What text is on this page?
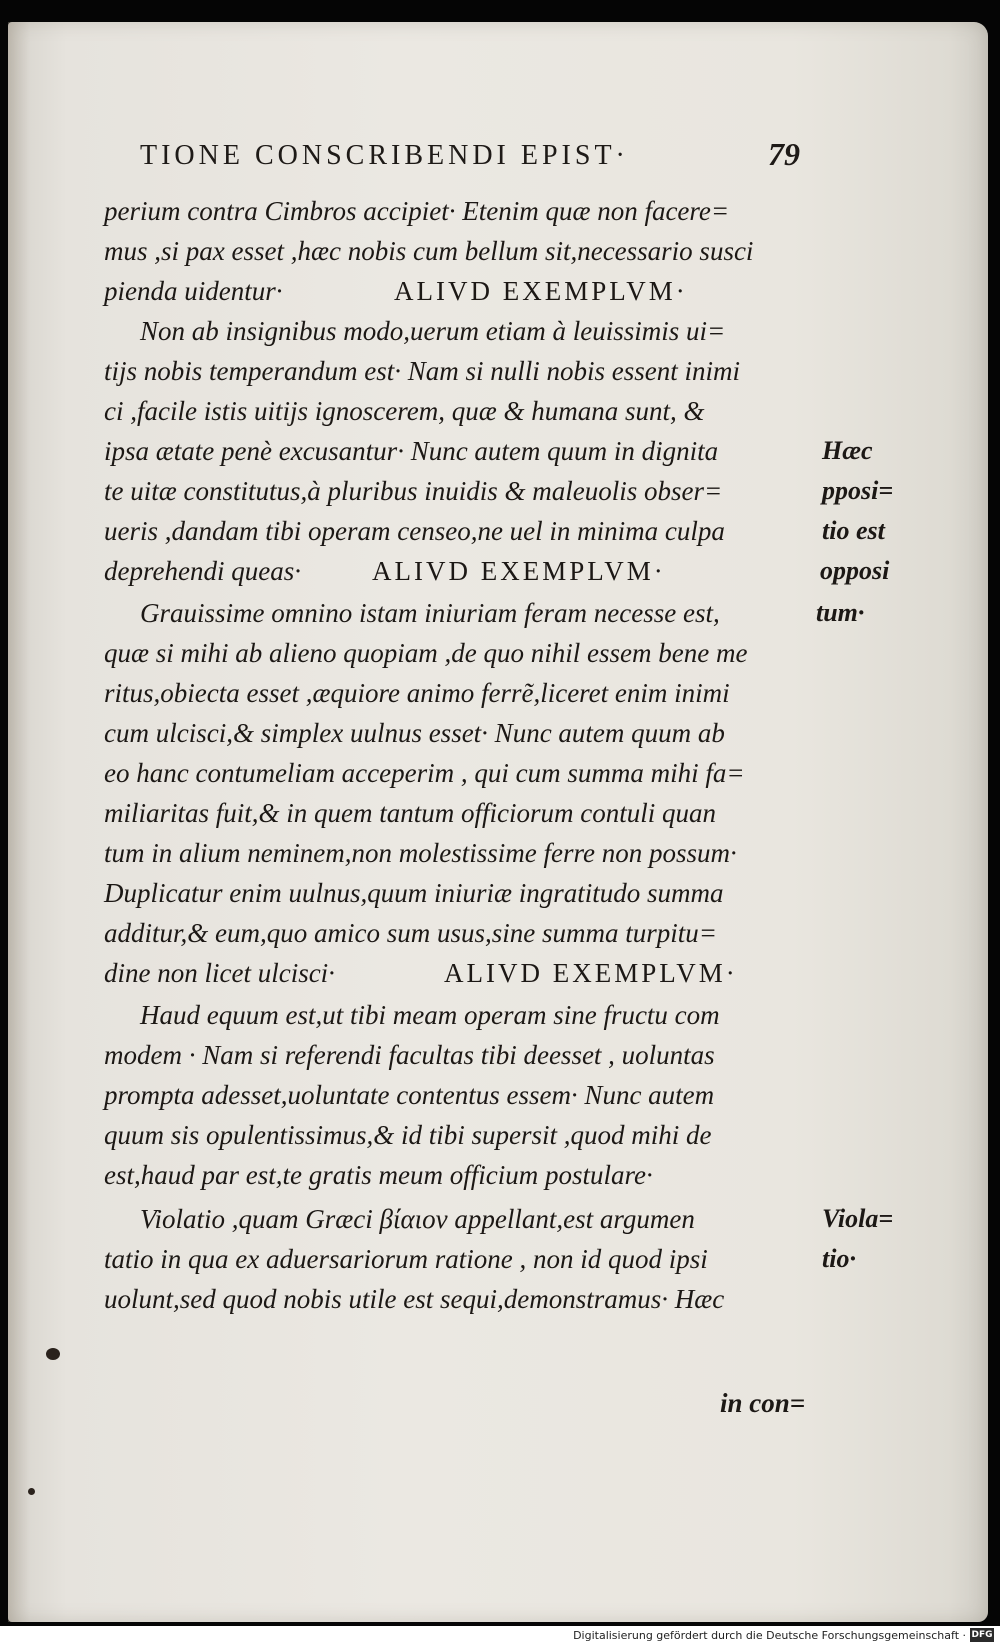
TIONE CONSCRIBENDI EPIST·	79
perium contra Cimbros accipiet· Etenim quæ non facere=
mus ,si pax esset ,hæc nobis cum bellum sit,necessario susci
pienda uidentur·	ALIVD EXEMPLVM·
Non ab insignibus modo,uerum etiam à leuissimis ui=
tijs nobis temperandum est· Nam si nulli nobis essent inimi
ci ,facile istis uitijs ignoscerem, quæ & humana sunt, &
ipsa ætate penè excusantur· Nunc autem quum in dignita
te uitæ constitutus,à pluribus inuidis & maleuolis obser=
ueris ,dandam tibi operam censeo,ne uel in minima culpa
deprehendi queas·	ALIVD EXEMPLVM·
Grauissime omnino istam iniuriam feram necesse est,
quæ si mihi ab alieno quopiam ,de quo nihil essem bene me
ritus,obiecta esset ,æquiore animo ferrẽ,liceret enim inimi
cum ulcisci,& simplex uulnus esset· Nunc autem quum ab
eo hanc contumeliam acceperim , qui cum summa mihi fa=
miliaritas fuit,& in quem tantum officiorum contuli quan
tum in alium neminem,non molestissime ferre non possum·
Duplicatur enim uulnus,quum iniuriæ ingratitudo summa
additur,& eum,quo amico sum usus,sine summa turpitu=
dine non licet ulcisci·	ALIVD EXEMPLVM·
Haud equum est,ut tibi meam operam sine fructu com
modem · Nam si referendi facultas tibi deesset , uoluntas
prompta adesset,uoluntate contentus essem· Nunc autem
quum sis opulentissimus,& id tibi supersit ,quod mihi de
est,haud par est,te gratis meum officium postulare·
Violatio ,quam Græci βίαιον appellant,est argumen
tatio in qua ex aduersariorum ratione , non id quod ipsi
uolunt,sed quod nobis utile est sequi,demonstramus· Hæc
in con=
Hæc
pposi=
tio est
opposi
tum·
Viola=
tio·
Digitalisierung gefördert durch die Deutsche Forschungsgemeinschaft · DFG
